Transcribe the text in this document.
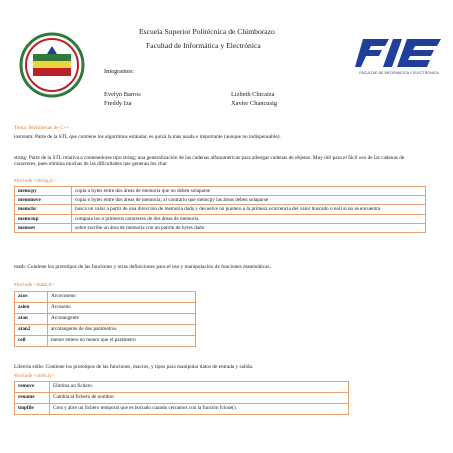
FACULTAD DE INFORMATICA Y ELECTRONICA
Escuela Superior Politécnica de Chimborazo
Facultad de Informática y Electrónica
Integrantes:
Evelyn Barros	Lizbeth Chicaiza
Freddy Iza	Xavier Chancusig
Tema: Bibliotecas de C++
iostream: Parte de la STL que contiene los algoritmos estándar, es quizá la más usada e importante (aunque no indispensable).
string: Parte de la STL relativa a contenedores tipo string; una generalización de las cadenas alfanuméricas para albergar cadenas de objetos. Muy útil para el fácil uso de las cadenas de caracteres, pues elimina muchas de las dificultades que generan los char
#include <string.h>
memcpy	copia n bytes entre dos áreas de memoria que no deben solaparse
memmove	copia n bytes entre dos áreas de memoria; al contrario que memcpy las áreas deben solaparse
memchr	busca un valor a partir de una dirección de memoria dada y devuelve un puntero a la primera ocurrencia del valor buscado o null si no se encuentra
memcmp	compara los n primeros caracteres de dos áreas de memoria
memset	sobre escribe un área de memoria con un patrón de bytes dado
math: Contiene los prototipos de las funciones y otras definiciones para el uso y manipulación de funciones matemáticas.
#include <math.h>
acos	Arcocoseno
asien	Arcoseno
atan	Arcotangente
atan2	arcotangente de dos parámetros
ceil	menor entero no menor que el parámetro
Libreria stdio: Contiene los prototipos de las funciones, macros, y tipos para manipular datos de entrada y salida.
#include <stdio.h>
remove	Elimina un fichero.
rename	Cambia al fichero de nombre.
tmpfile	Crea y abre un fichero temporal que es borrado cuando cerramos con la función fclose().
